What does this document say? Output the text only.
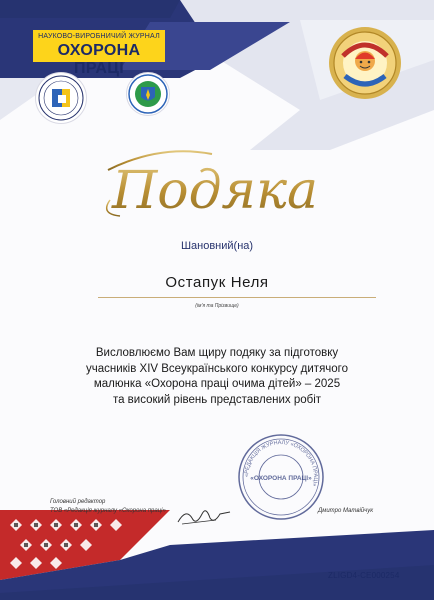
НАУКОВО-ВИРОБНИЧИЙ ЖУРНАЛ
ОХОРОНА ПРАЦІ
Подяка
Шановний(на)
Остапук Неля
(ім'я та Прізвище)
Висловлюємо Вам щиру подяку за підготовку
учасників XIV Всеукраїнського конкурсу дитячого
малюнка «Охорона праці очима дітей» – 2025
та високий рівень представлених робіт
Головний редактор
ТОВ «Редакція журналу «Охорона праці»
«РЕДАКЦІЯ ЖУРНАЛУ «ОХОРОНА ПРАЦІ»
«ОХОРОНА ПРАЦІ»
Дмитро Матвійчук
ZLIGD4-CE000254
